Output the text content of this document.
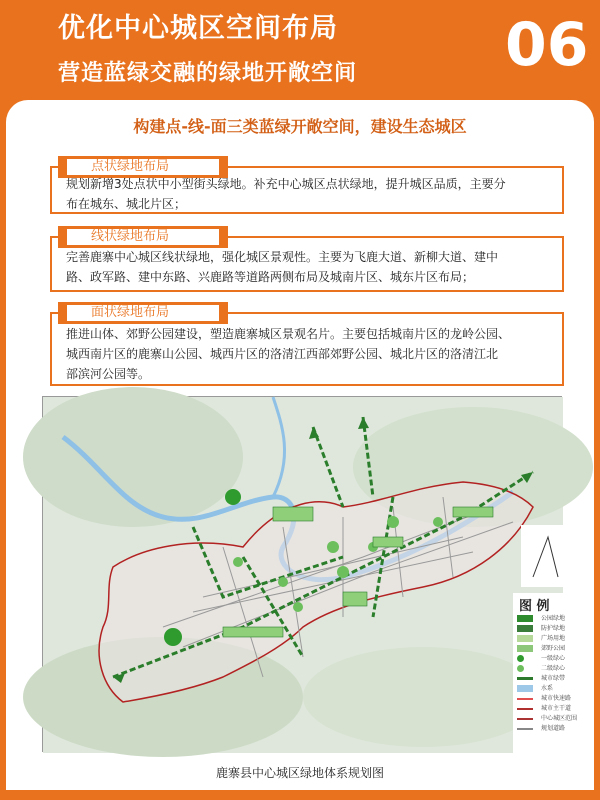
优化中心城区空间布局
营造蓝绿交融的绿地开敞空间 06
构建点-线-面三类蓝绿开敞空间，建设生态城区
点状绿地布局
规划新增3处点状中小型街头绿地。补充中心城区点状绿地，提升城区品质，主要分
布在城东、城北片区；
线状绿地布局
完善鹿寨中心城区线状绿地，强化城区景观性。主要为飞鹿大道、新柳大道、建中
路、政军路、建中东路、兴鹿路等道路两侧布局及城南片区、城东片区布局；
面状绿地布局
推进山体、郊野公园建设，塑造鹿寨城区景观名片。主要包括城南片区的龙岭公园、
城西南片区的鹿寨山公园、城西片区的洛清江西部郊野公园、城北片区的洛清江北
部滨河公园等。
图 例
公园绿地
防护绿地
广场用地
郊野公园
一级绿心
二级绿心
城市绿带
水系
城市快速路
城市主干道
中心城区范围
规划道路
鹿寨县中心城区绿地体系规划图
